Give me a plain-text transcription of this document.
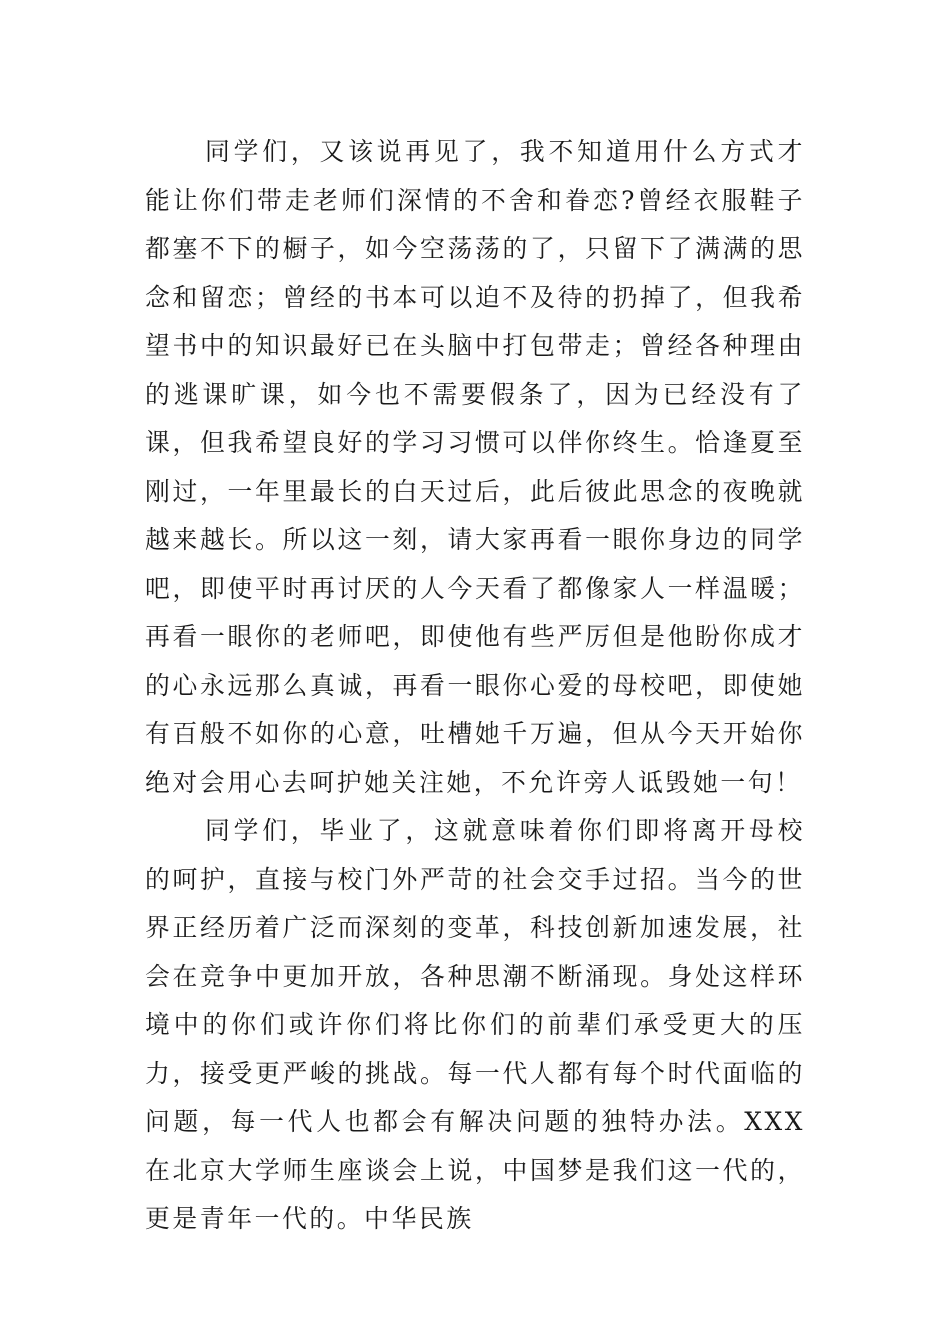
同学们，又该说再见了，我不知道用什么方式才能让你们带走老师们深情的不舍和眷恋?曾经衣服鞋子都塞不下的橱子，如今空荡荡的了，只留下了满满的思念和留恋；曾经的书本可以迫不及待的扔掉了，但我希望书中的知识最好已在头脑中打包带走；曾经各种理由的逃课旷课，如今也不需要假条了，因为已经没有了课，但我希望良好的学习习惯可以伴你终生。恰逢夏至刚过，一年里最长的白天过后，此后彼此思念的夜晚就越来越长。所以这一刻，请大家再看一眼你身边的同学吧，即使平时再讨厌的人今天看了都像家人一样温暖；再看一眼你的老师吧，即使他有些严厉但是他盼你成才的心永远那么真诚，再看一眼你心爱的母校吧，即使她有百般不如你的心意，吐槽她千万遍，但从今天开始你绝对会用心去呵护她关注她，不允许旁人诋毁她一句！

同学们，毕业了，这就意味着你们即将离开母校的呵护，直接与校门外严苛的社会交手过招。当今的世界正经历着广泛而深刻的变革，科技创新加速发展，社会在竞争中更加开放，各种思潮不断涌现。身处这样环境中的你们或许你们将比你们的前辈们承受更大的压力，接受更严峻的挑战。每一代人都有每个时代面临的问题，每一代人也都会有解决问题的独特办法。XXX 在北京大学师生座谈会上说，中国梦是我们这一代的，更是青年一代的。中华民族
